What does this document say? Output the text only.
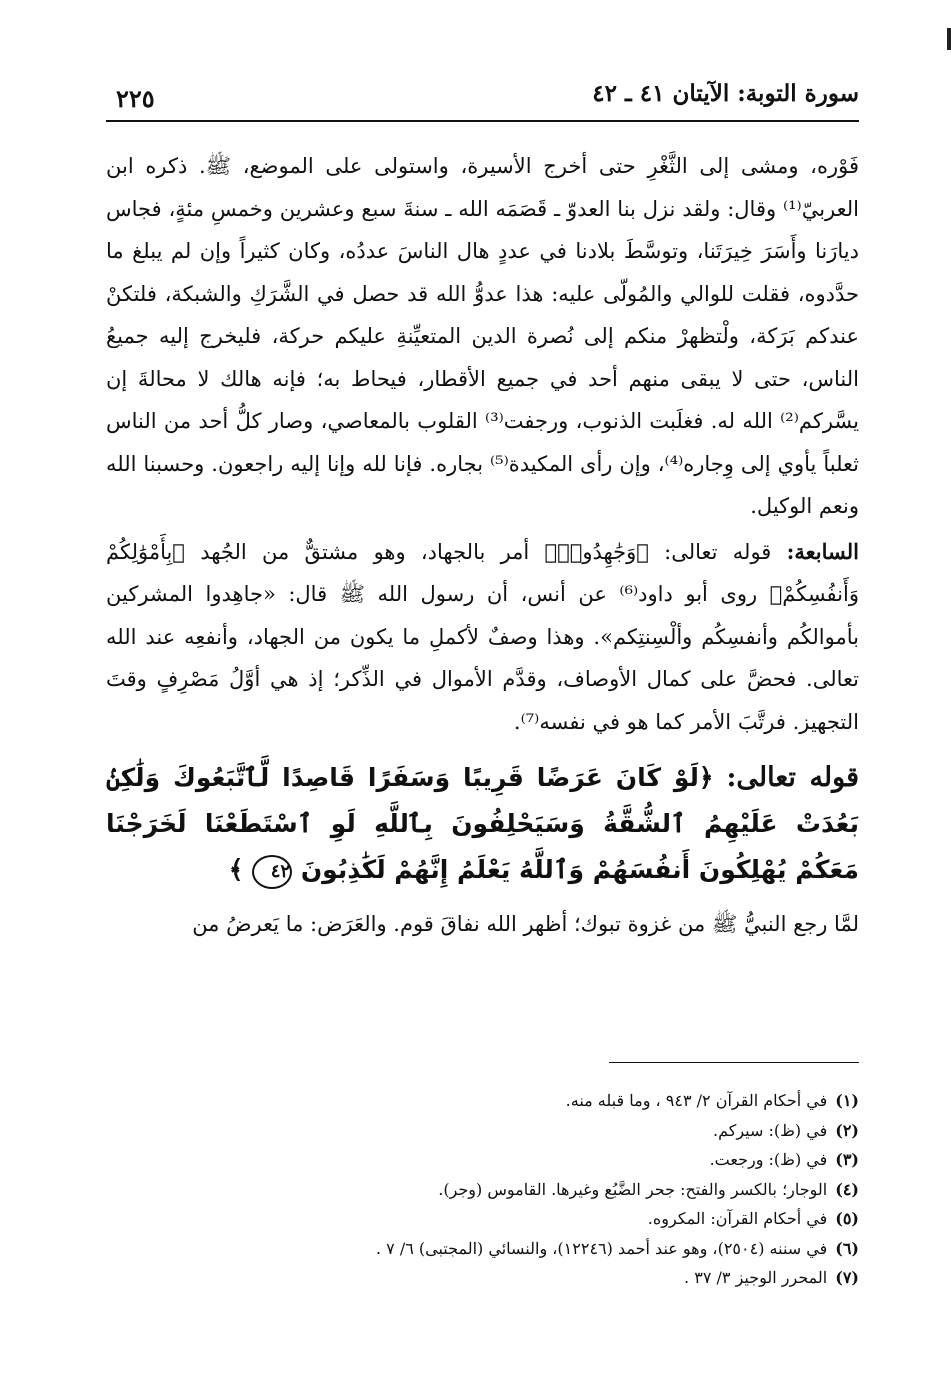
سورة التوبة: الآيتان ٤١ ـ ٤٢
٢٢٥

فَوْره، ومشى إلى الثَّغْرِ حتى أخرج الأسيرة، واستولى على الموضع، ﷺ. ذكره ابن العربيّ⁽¹⁾ وقال: ولقد نزل بنا العدوّ ـ قَصَمَه الله ـ سنةَ سبع وعشرين وخمسِ مئةٍ، فجاس ديارَنا وأَسَرَ خِيرَتَنا، وتوسَّطَ بلادنا في عددٍ هال الناسَ عددُه، وكان كثيراً وإن لم يبلغ ما حدَّدوه، فقلت للوالي والمُولّى عليه: هذا عدوُّ الله قد حصل في الشَّرَكِ والشبكة، فلتكنْ عندكم بَرَكة، ولْتظهرْ منكم إلى نُصرة الدين المتعيِّنةِ عليكم حركة، فليخرج إليه جميعُ الناس، حتى لا يبقى منهم أحد في جميع الأقطار، فيحاط به؛ فإنه هالك لا محالةَ إن يسَّركم⁽²⁾ الله له. فغلَبت الذنوب، ورجفت⁽³⁾ القلوب بالمعاصي، وصار كلُّ أحد من الناس ثعلباً يأوي إلى وِجاره⁽⁴⁾، وإن رأى المكيدة⁽⁵⁾ بجاره. فإنا لله وإنا إليه راجعون. وحسبنا الله ونعم الوكيل.

السابعة: قوله تعالى: ﴿وَجَٰهِدُوا۟﴾ أمر بالجهاد، وهو مشتقٌّ من الجُهد ﴿بِأَمْوَٰلِكُمْ وَأَنفُسِكُمْ﴾ روى أبو داود⁽⁶⁾ عن أنس، أن رسول الله ﷺ قال: «جاهِدوا المشركين بأموالكُم وأنفسِكُم وألْسِنتِكم». وهذا وصفٌ لأكملِ ما يكون من الجهاد، وأنفعِه عند الله تعالى. فحضَّ على كمال الأوصاف، وقدَّم الأموال في الذِّكر؛ إذ هي أوَّلُ مَصْرِفٍ وقتَ التجهيز. فرتَّبَ الأمر كما هو في نفسه⁽⁷⁾.

قوله تعالى: ﴿لَوْ كَانَ عَرَضًا قَرِيبًا وَسَفَرًا قَاصِدًا لَّٱتَّبَعُوكَ وَلَٰكِنۢ بَعُدَتْ عَلَيْهِمُ ٱلشُّقَّةُ وَسَيَحْلِفُونَ بِٱللَّهِ لَوِ ٱسْتَطَعْنَا لَخَرَجْنَا مَعَكُمْ يُهْلِكُونَ أَنفُسَهُمْ وَٱللَّهُ يَعْلَمُ إِنَّهُمْ لَكَٰذِبُونَ ٤٢ ﴾

لمَّا رجع النبيُّ ﷺ من غزوة تبوك؛ أظهر الله نفاقَ قوم. والعَرَض: ما يَعرضُ من

(١)في أحكام القرآن ٢/ ٩٤٣ ، وما قبله منه.
(٢)في (ظ): سيركم.
(٣)في (ظ): ورجعت.
(٤)الوجار؛ بالكسر والفتح: جحر الضَّبُع وغيرها. القاموس (وجر).
(٥)في أحكام القرآن: المكروه.
(٦)في سننه (٢٥٠٤)، وهو عند أحمد (١٢٢٤٦)، والنسائي (المجتبى) ٦/ ٧ .
(٧)المحرر الوجيز ٣/ ٣٧ .
